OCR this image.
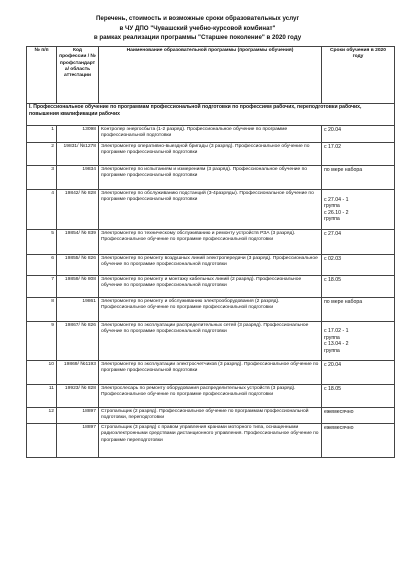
Перечень, стоимость и возможные сроки образовательных услуг
в ЧУ ДПО "Чувашский учебно-курсовой комбинат"
в рамках реализации программы "Старшее поколение" в 2020 году
№ п/п	Код профессии / № профстандарт а/ область аттестации	Наименование образовательной программы (программы обучения)	Сроки обучения в 2020 году
I. Профессиональное обучение по программам профессиональной подготовки по профессиям рабочих, переподготовки рабочих, повышения квалификации рабочих			
1	13098	Контролер энергосбыта (1-2 разряд). Профессиональное обучение по программе профессиональной подготовки	с 20.04

2	19831/ №1278	Электромонтер оперативно-выездной бригады (3 разряд). Профессиональное обучение по программе профессиональной подготовки	с 17.02

3	19834	Электромонтер по испытаниям и измерениям (3 разряд). Профессиональное обучение по программе профессиональной подготовки	по мере набора

4	19842/ № 828	Электромонтер по обслуживанию подстанций (3-4разряды). Профессиональное обучение по программе профессиональной подготовки	с 27.04 - 1
группа
с 26.10 - 2
группа

5	19854/ № 839	Электромонтер по техническому обслуживанию и ремонту устройств РЗА (3 разряд). Профессиональное обучение по программе профессиональной подготовки	с 27.04

6	19855/ № 826	Электромонтер по ремонту воздушных линий электропередачи (3 разряд). Профессиональное обучение по программе профессиональной подготовки	с 02.03

7	19859/ № 808	Электромонтер по ремонту и монтажу кабельных линий (2 разряд). Профессиональное обучение по программе профессиональной подготовки	с 18.05

8	19861	Электромонтер по ремонту и обслуживанию электрооборудования (2 разряд). Профессиональное обучение по программе профессиональной подготовки	по мере набора

9	19867/ № 826	Электромонтер по эксплуатации распределительных сетей (3 разряд). Профессиональное обучение по программе профессиональной подготовки	с 17.02 - 1
группа
с 13.04 - 2
группа

10	19869/ №1193	Электромонтер по эксплуатации электросчетчиков (3 разряд). Профессиональное обучение по программе профессиональной подготовки	с 20.04

11	19923/ № 828	Электрослесарь по ремонту оборудования распределительных устройств (3 разряд). Профессиональное обучение по программе профессиональной подготовки	с 18.05

12	18897	Стропальщик (2 разряд). Профессиональное обучение по программам профессиональной подготовки, переподготовки	ежемесячно

	18897	Стропальщик (3 разряд) с правом управления кранами моторного типа, оснащенными радиоэлектронными средствами дистанционного управления. Профессиональное обучение по программе переподготовки	ежемесячно
